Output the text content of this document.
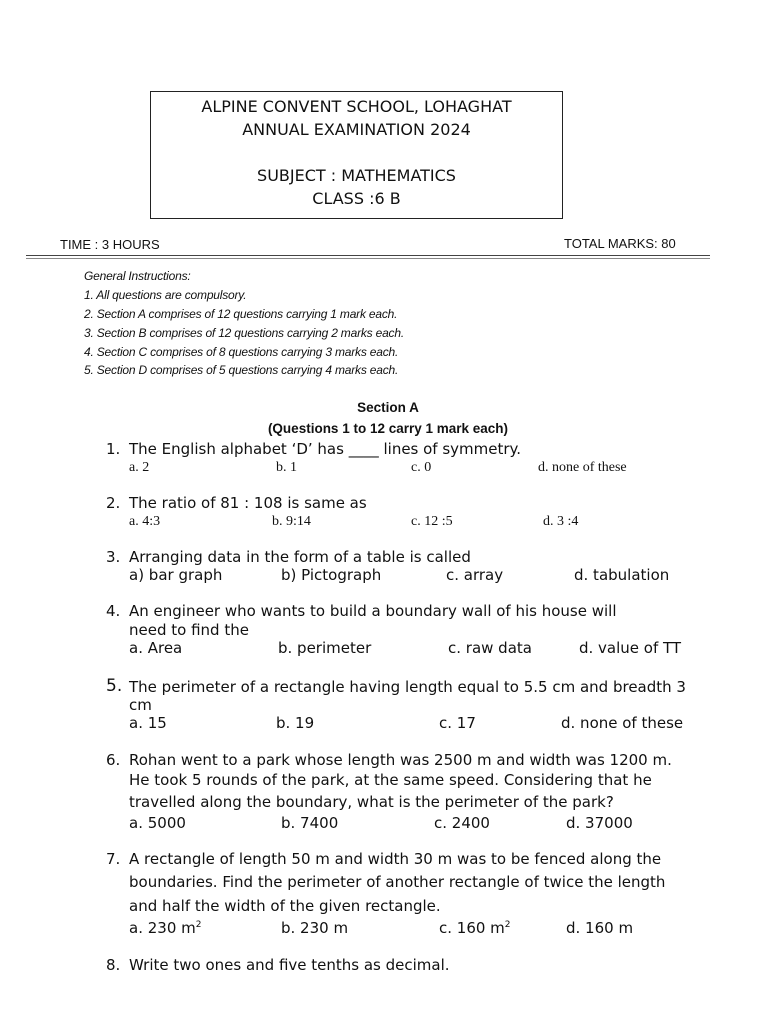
ALPINE CONVENT SCHOOL, LOHAGHAT
ANNUAL EXAMINATION 2024
SUBJECT : MATHEMATICS
CLASS :6 B
TIME : 3 HOURS	TOTAL MARKS: 80
General Instructions:
1. All questions are compulsory.
2. Section A comprises of 12 questions carrying 1 mark each.
3. Section B comprises of 12 questions carrying 2 marks each.
4. Section C comprises of 8 questions carrying 3 marks each.
5. Section D comprises of 5 questions carrying 4 marks each.
Section A
(Questions 1 to 12 carry 1 mark each)
1. The English alphabet ‘D’ has ____ lines of symmetry.
a. 2	b. 1	c. 0	d. none of these
2. The ratio of 81 : 108 is same as
a. 4:3	b. 9:14	c. 12 :5	d. 3 :4
3. Arranging data in the form of a table is called
a) bar graph	b) Pictograph	c. array	d. tabulation
4. An engineer who wants to build a boundary wall of his house will
need to find the
a. Area	b. perimeter	c. raw data	d. value of TT
5. The perimeter of a rectangle having length equal to 5.5 cm and breadth 3
cm
a. 15	b. 19	c. 17	d. none of these
6. Rohan went to a park whose length was 2500 m and width was 1200 m.
He took 5 rounds of the park, at the same speed. Considering that he
travelled along the boundary, what is the perimeter of the park?
a. 5000	b. 7400	c. 2400	d. 37000
7. A rectangle of length 50 m and width 30 m was to be fenced along the
boundaries. Find the perimeter of another rectangle of twice the length
and half the width of the given rectangle.
a. 230 $m^2$	b. 230 m	c. 160 $m^2$	d. 160 m
8. Write two ones and five tenths as decimal.
